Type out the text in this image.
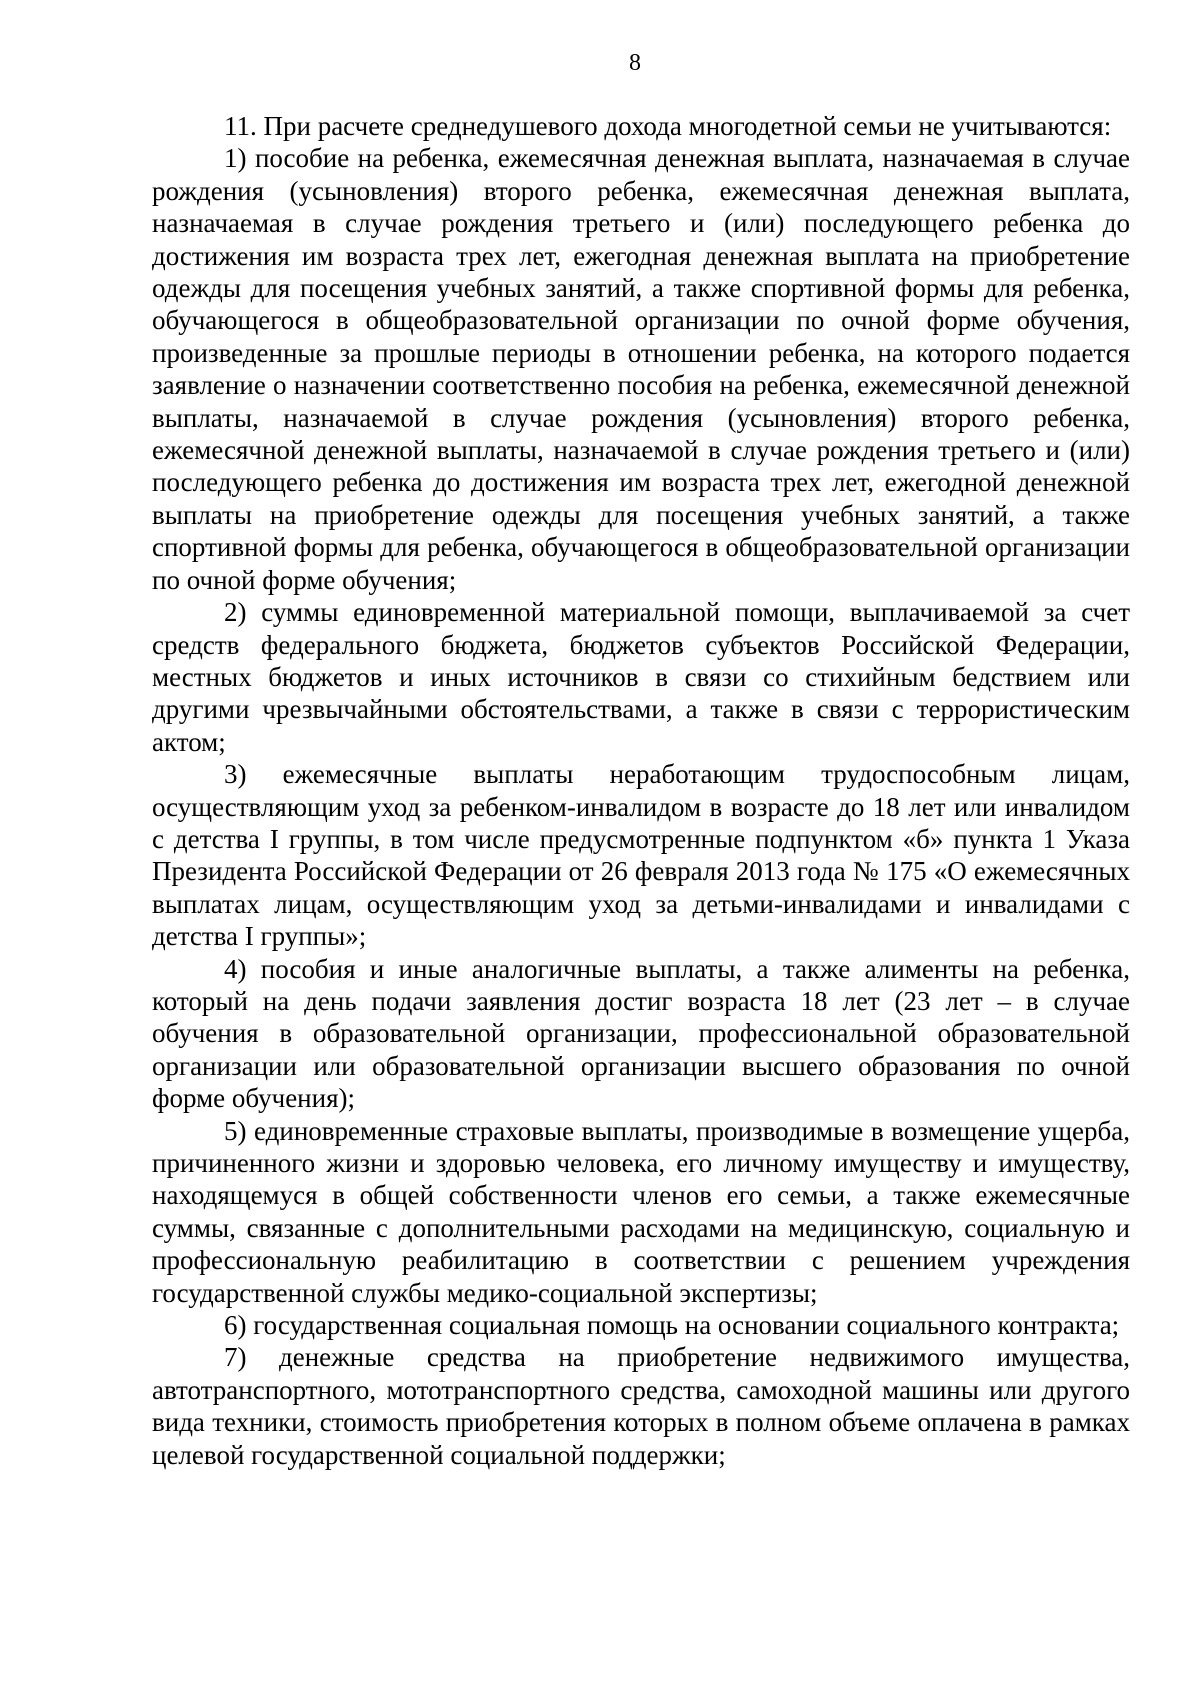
8

11. При расчете среднедушевого дохода многодетной семьи не учитываются:

1) пособие на ребенка, ежемесячная денежная выплата, назначаемая в случае рождения (усыновления) второго ребенка, ежемесячная денежная выплата, назначаемая в случае рождения третьего и (или) последующего ребенка до достижения им возраста трех лет, ежегодная денежная выплата на приобретение одежды для посещения учебных занятий, а также спортивной формы для ребенка, обучающегося в общеобразовательной организации по очной форме обучения, произведенные за прошлые периоды в отношении ребенка, на которого подается заявление о назначении соответственно пособия на ребенка, ежемесячной денежной выплаты, назначаемой в случае рождения (усыновления) второго ребенка, ежемесячной денежной выплаты, назначаемой в случае рождения третьего и (или) последующего ребенка до достижения им возраста трех лет, ежегодной денежной выплаты на приобретение одежды для посещения учебных занятий, а также спортивной формы для ребенка, обучающегося в общеобразовательной организации по очной форме обучения;

2) суммы единовременной материальной помощи, выплачиваемой за счет средств федерального бюджета, бюджетов субъектов Российской Федерации, местных бюджетов и иных источников в связи со стихийным бедствием или другими чрезвычайными обстоятельствами, а также в связи с террористическим актом;

3) ежемесячные выплаты неработающим трудоспособным лицам, осуществляющим уход за ребенком-инвалидом в возрасте до 18 лет или инвалидом с детства I группы, в том числе предусмотренные подпунктом «б» пункта 1 Указа Президента Российской Федерации от 26 февраля 2013 года № 175 «О ежемесячных выплатах лицам, осуществляющим уход за детьми-инвалидами и инвалидами с детства I группы»;

4) пособия и иные аналогичные выплаты, а также алименты на ребенка, который на день подачи заявления достиг возраста 18 лет (23 лет – в случае обучения в образовательной организации, профессиональной образовательной организации или образовательной организации высшего образования по очной форме обучения);

5) единовременные страховые выплаты, производимые в возмещение ущерба, причиненного жизни и здоровью человека, его личному имуществу и имуществу, находящемуся в общей собственности членов его семьи, а также ежемесячные суммы, связанные с дополнительными расходами на медицинскую, социальную и профессиональную реабилитацию в соответствии с решением учреждения государственной службы медико-социальной экспертизы;

6) государственная социальная помощь на основании социального контракта;

7) денежные средства на приобретение недвижимого имущества, автотранспортного, мототранспортного средства, самоходной машины или другого вида техники, стоимость приобретения которых в полном объеме оплачена в рамках целевой государственной социальной поддержки;
